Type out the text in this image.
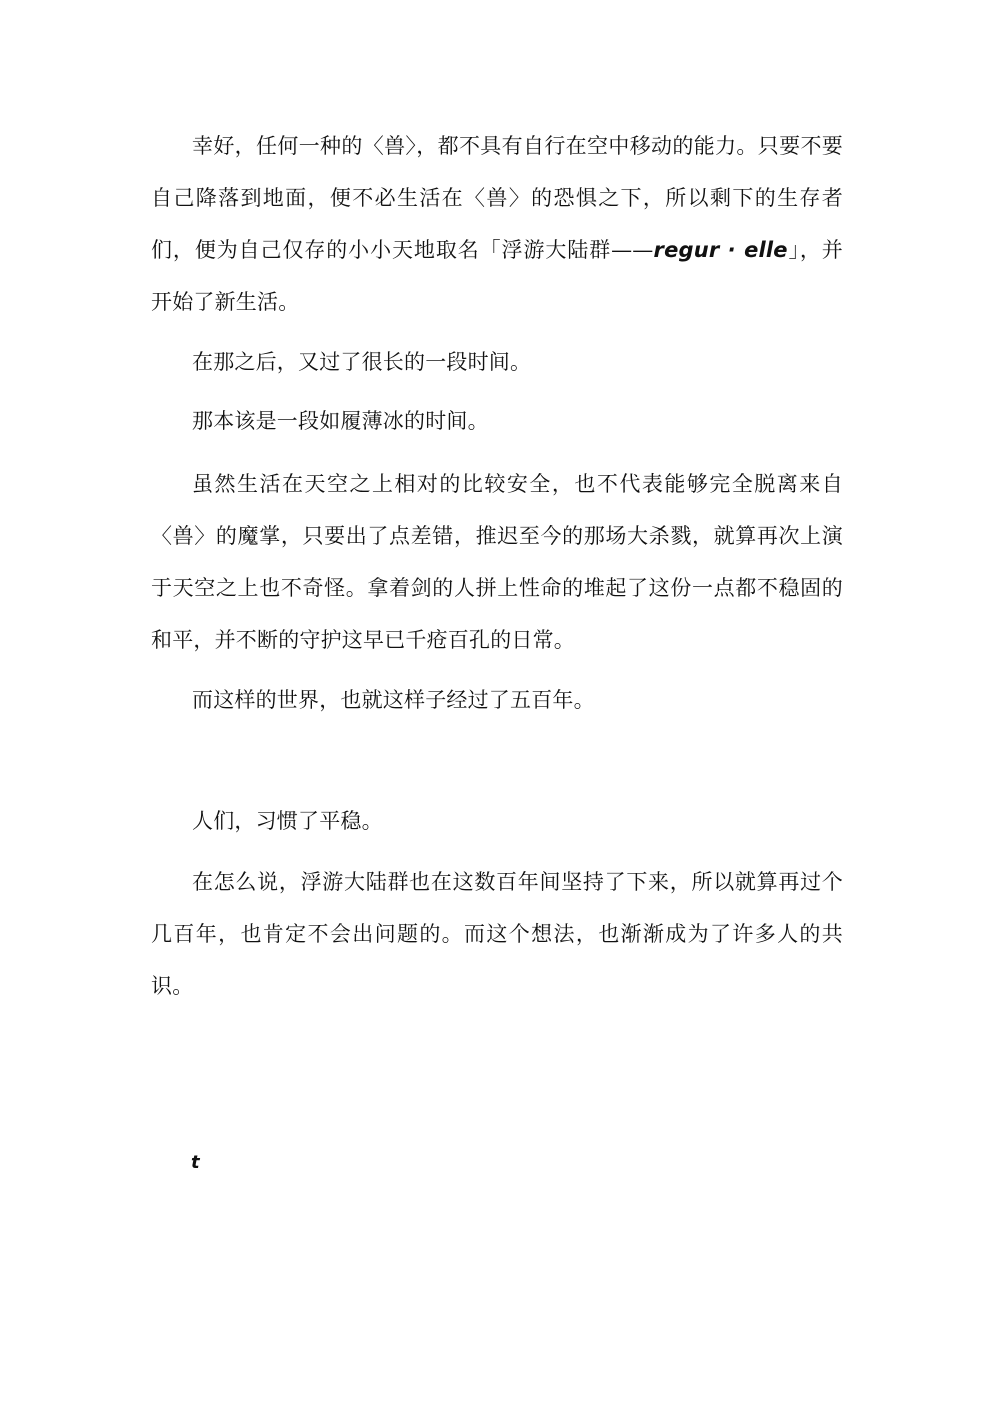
幸好，任何一种的〈兽〉，都不具有自行在空中移动的能力。只要不要自己降落到地面，便不必生活在〈兽〉的恐惧之下，所以剩下的生存者们，便为自己仅存的小小天地取名「浮游大陆群——regur · elle」，并开始了新生活。

在那之后，又过了很长的一段时间。

那本该是一段如履薄冰的时间。

虽然生活在天空之上相对的比较安全，也不代表能够完全脱离来自〈兽〉的魔掌，只要出了点差错，推迟至今的那场大杀戮，就算再次上演于天空之上也不奇怪。拿着剑的人拼上性命的堆起了这份一点都不稳固的和平，并不断的守护这早已千疮百孔的日常。

而这样的世界，也就这样子经过了五百年。

人们，习惯了平稳。

在怎么说，浮游大陆群也在这数百年间坚持了下来，所以就算再过个几百年，也肯定不会出问题的。而这个想法，也渐渐成为了许多人的共识。

t
